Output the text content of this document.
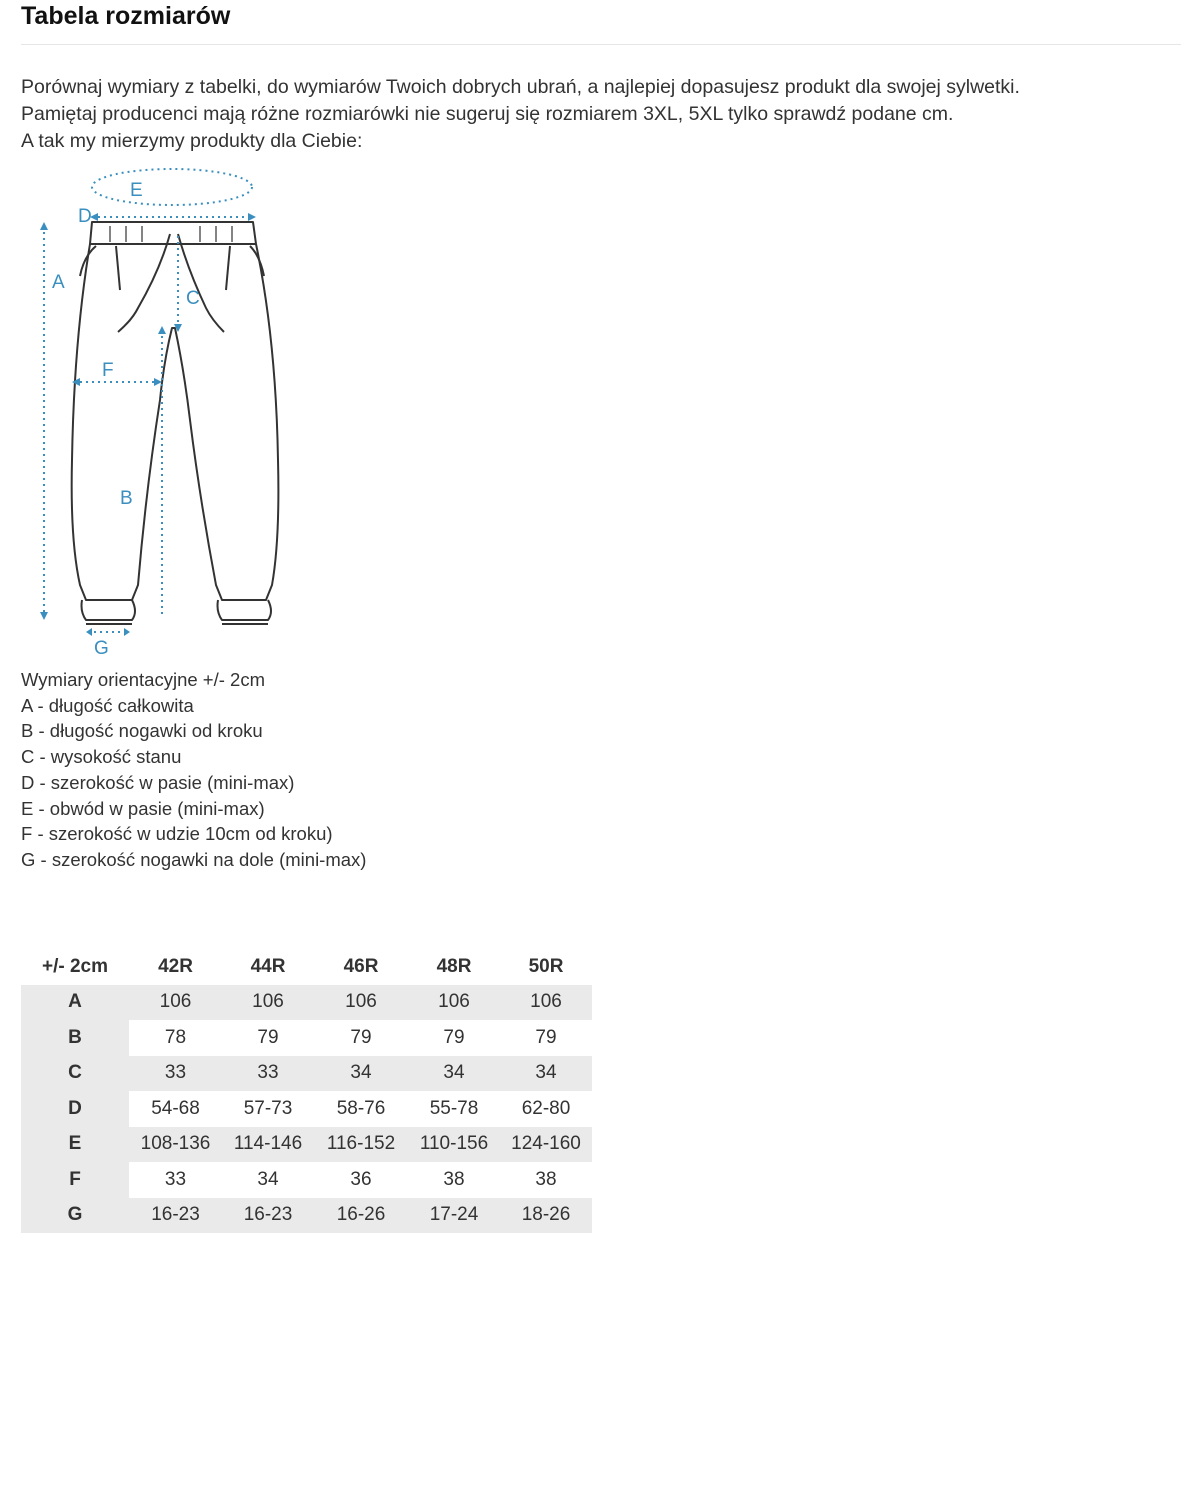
Tabela rozmiarów

Porównaj wymiary z tabelki, do wymiarów Twoich dobrych ubrań, a najlepiej dopasujesz produkt dla swojej sylwetki.

Pamiętaj producenci mają różne rozmiarówki nie sugeruj się rozmiarem 3XL, 5XL tylko sprawdź podane cm.

A tak my mierzymy produkty dla Ciebie:

E
D
A
C
F
B
G

Wymiary orientacyjne +/- 2cm

A - długość całkowita

B - długość nogawki od kroku

C - wysokość stanu

D - szerokość w pasie (mini-max)

E - obwód w pasie (mini-max)

F - szerokość w udzie 10cm od kroku)

G - szerokość nogawki na dole (mini-max)

+/- 2cm	42R	44R	46R	48R	50R
A	106	106	106	106	106
B	78	79	79	79	79
C	33	33	34	34	34
D	54-68	57-73	58-76	55-78	62-80
E	108-136	114-146	116-152	110-156	124-160
F	33	34	36	38	38
G	16-23	16-23	16-26	17-24	18-26
